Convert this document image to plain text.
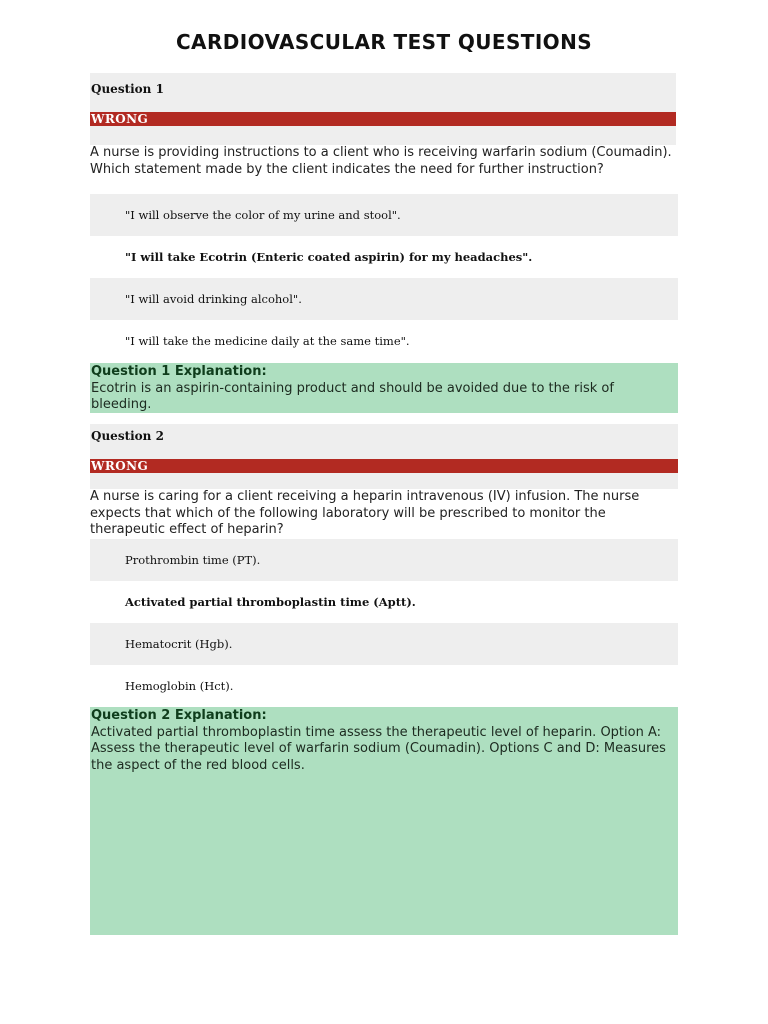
CARDIOVASCULAR TEST QUESTIONS
Question 1
WRONG
A nurse is providing instructions to a client who is receiving warfarin sodium (Coumadin). Which statement made by the client indicates the need for further instruction?
"I will observe the color of my urine and stool".
"I will take Ecotrin (Enteric coated aspirin) for my headaches".
"I will avoid drinking alcohol".
"I will take the medicine daily at the same time".
Question 1 Explanation:
Ecotrin is an aspirin-containing product and should be avoided due to the risk of bleeding.
Question 2
WRONG
A nurse is caring for a client receiving a heparin intravenous (IV) infusion. The nurse expects that which of the following laboratory will be prescribed to monitor the therapeutic effect of heparin?
Prothrombin time (PT).
Activated partial thromboplastin time (Aptt).
Hematocrit (Hgb).
Hemoglobin (Hct).
Question 2 Explanation:
Activated partial thromboplastin time assess the therapeutic level of heparin. Option A: Assess the therapeutic level of warfarin sodium (Coumadin). Options C and D: Measures the aspect of the red blood cells.
